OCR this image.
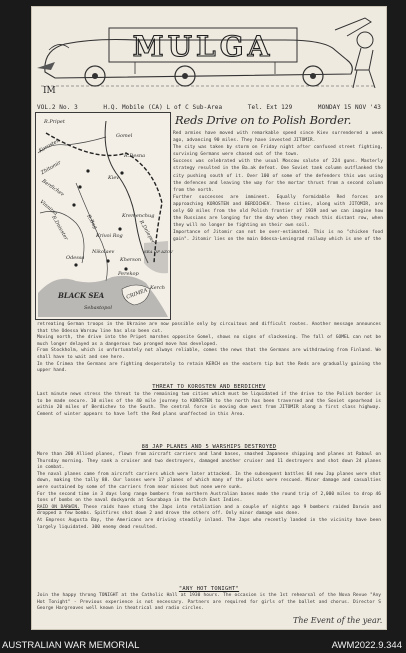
MULGA
IM
VOL.2 No. 3	H.Q. Mobile (CA) L of C Sub-Area	Tel. Ext 129	MONDAY 15 NOV '43
R.Pripet
Gomel
Korosten
Zhitomir
R.Desna
Kiev
Berdichev
Kremenchug
Vinnitsa
R.Dnieper
R.Dniester	Krivoi Rog
R.Bug
Odessa
Nikolaev
Kherson
Perekop
SEA OF AZOV
CRIMEA
BLACK SEA
Sebastopol
Kerch
Reds Drive on to Polish Border.

Red armies have moved with remarkable speed since Kiev surrendered a week ago, advancing 90 miles. They have invested JITOMIR.

The city was taken by storm on Friday night after confused street fighting, surviving Germans were chased out of the town.

Success was celebrated with the usual Moscow salute of 224 guns. Masterly strategy resulted in the Ba.ak defeat. One Soviet tank column outflanked the city pushing south of it. Over 100 of some of the defenders this was using the defences and leaving the way for the mortar thrust from a second column from the north.

Further successes are imminent. Equally formidable Red forces are approaching KOROSTEN and BERDICHEV. These cities, along with JITOMIR, are only 60 miles from the old Polish frontier of 1939 and we can imagine how the Russians are longing for the day when they reach this distant row, when they will no longer be fighting on their own soil.

Importance of Jitomir can not be over-estimated. This is no "chicken food gain". Jitomir lies on the main Odessa-Leningrad railway which is one of the

retreating German troops in the Ukraine are now possible only by circuitous and difficult routes. Another message announces that the Odessa Warsaw line has also been cut.

Moving north, the drive into the Pripet marshes opposite Gomel, shows no signs of slackening. The fall of GOMEL can not be much longer delayed as a dangerous two pronged move has developed.

From Stockholm, which is unfortunately not always reliable, comes the news that the Germans are withdrawing from Finland. We shall have to wait and see here.

In the Crimea the Germans are fighting desperately to retain KERCH on the eastern tip but the Reds are gradually gaining the upper hand.

THREAT TO KOROSTEN AND BERDICHEV

Last minute news stress the threat to the remaining two cities which must be liquidated if the drive to the Polish border is to be made secure. 10 miles of the 40 mile journey to KOROSTEN to the north has been traversed and the Soviet spearhead is within 20 miles of Berdichev to the South. The central force is moving due west from JITOMIR along a first class highway. Cement of winter appears to have left the Red plans unaffected in this Area.

88 JAP PLANES AND 5 WARSHIPS DESTROYED

More than 200 Allied planes, flown from aircraft carriers and land bases, smashed Japanese shipping and planes at Rabaul on Thursday morning. They sank a cruiser and two destroyers, damaged another cruiser and 11 destroyers and shot down 24 planes in combat.

The naval planes came from aircraft carriers which were later attacked. In the subsequent battles 64 new Jap planes were shot down, making the tally 88. Our losses were 17 planes of which many of the pilots were rescued. Minor damage and casualties were sustained by some of the carriers from near misses but none were sunk.

For the second time in 3 days long range bombers from northern Australian bases made the round trip of 2,000 miles to drop 46 tons of bombs on the naval dockyards at Sourabaya in the Dutch East Indies.

RAID ON DARWIN. These raids have stung the Japs into retaliation and a couple of nights ago 9 bombers raided Darwin and dropped a few bombs. Spitfires shot down 2 and drove the others off. Only minor damage was done.

At Empress Augusta Bay, the Americans are driving steadily inland. The Japs who recently landed in the vicinity have been largely liquidated. 300 enemy dead resulted.

"ANY HOT TONIGHT"

Join the happy throng TONIGHT at the Catholic Hall at 1930 hours. The occasion is the 1st rehearsal of the Nova Revue "Any Hot Tonight" - Previous experience is not necessary. Partners are required for girls of the ballet and chorus. Director S George Hargreaves well known in theatrical and radio circles.

The Event of the year.
AUSTRALIAN WAR MEMORIAL	AWM2022.9.344
